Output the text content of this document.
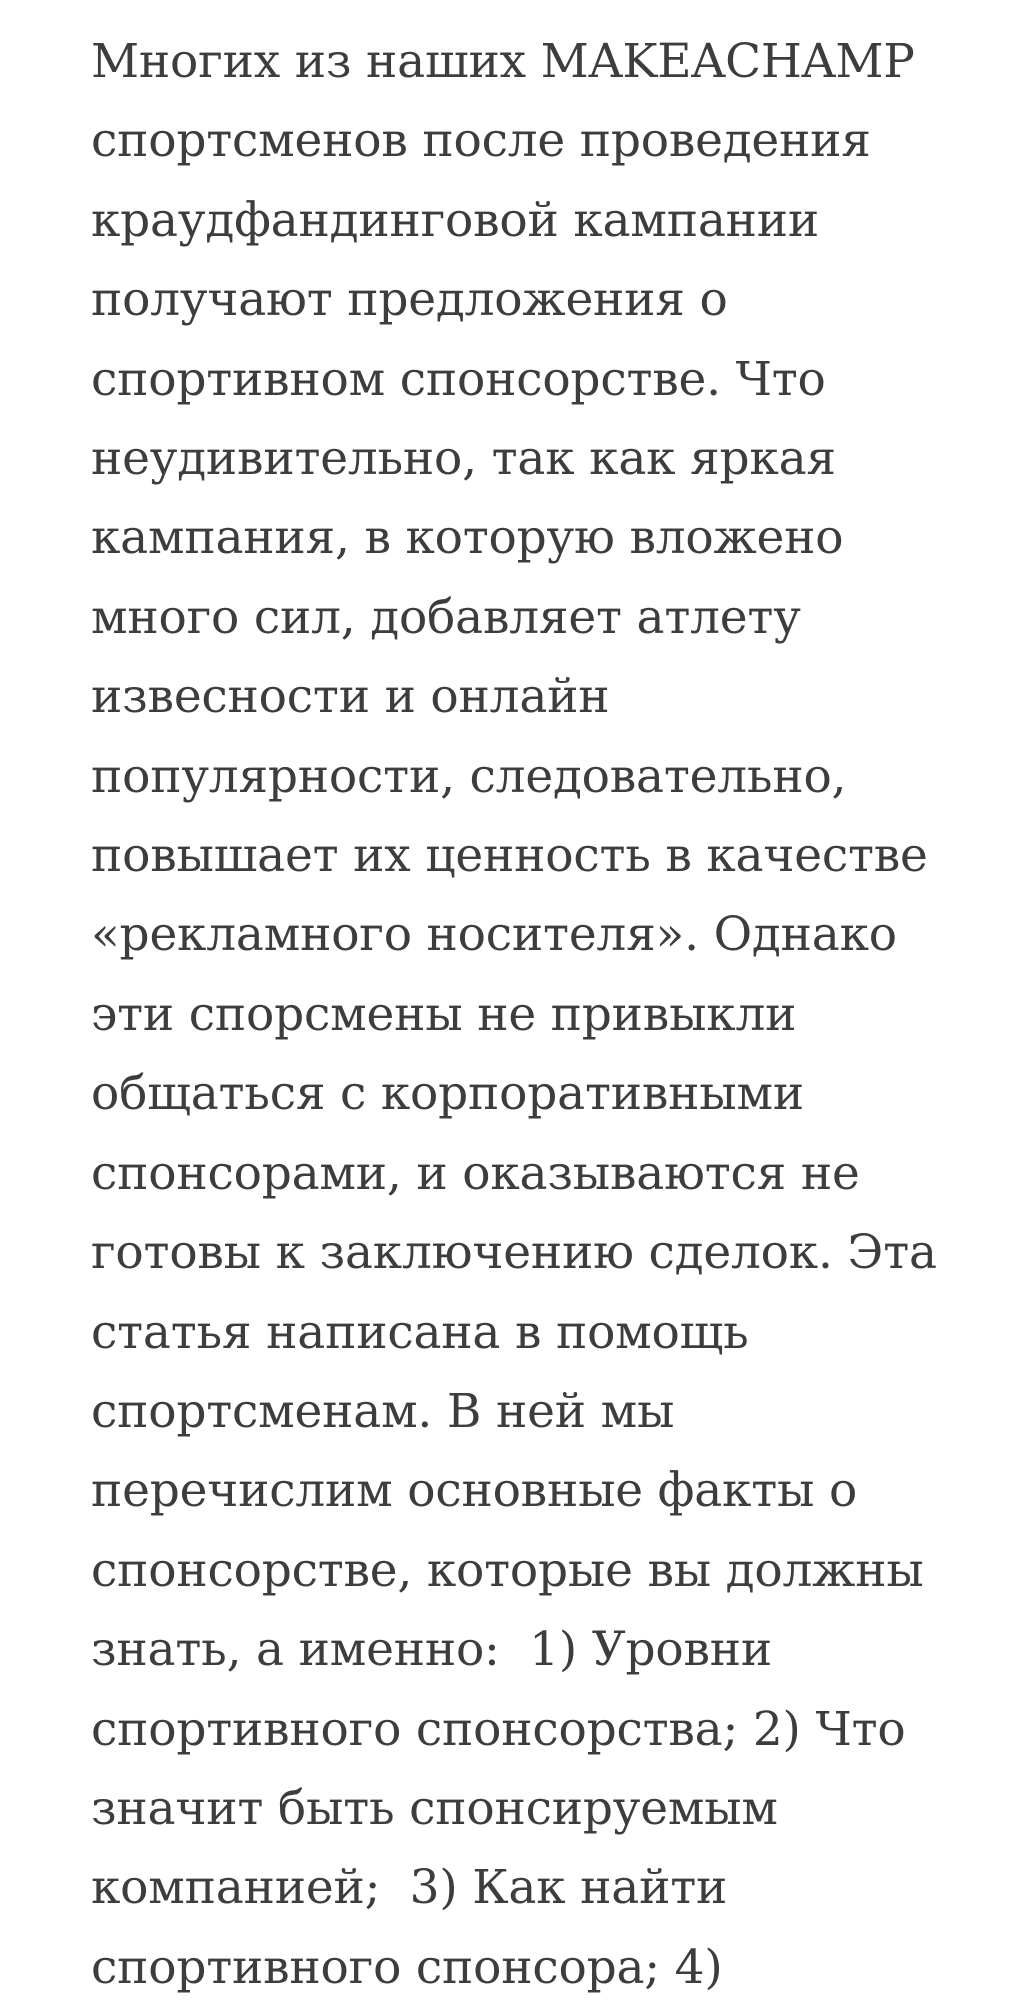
Многих из наших MAKEACHAMP
спортсменов после проведения
краудфандинговой кампании
получают предложения о
спортивном спонсорстве. Что
неудивительно, так как яркая
кампания, в которую вложено
много сил, добавляет атлету
извесности и онлайн
популярности, следовательно,
повышает их ценность в качестве
«рекламного носителя». Однако
эти спорсмены не привыкли
общаться с корпоративными
спонсорами, и оказываются не
готовы к заключению сделок. Эта
статья написана в помощь
спортсменам. В ней мы
перечислим основные факты о
спонсорстве, которые вы должны
знать, а именно:  1) Уровни
спортивного спонсорства; 2) Что
значит быть спонсируемым
компанией;  3) Как найти
спортивного спонсора; 4)
